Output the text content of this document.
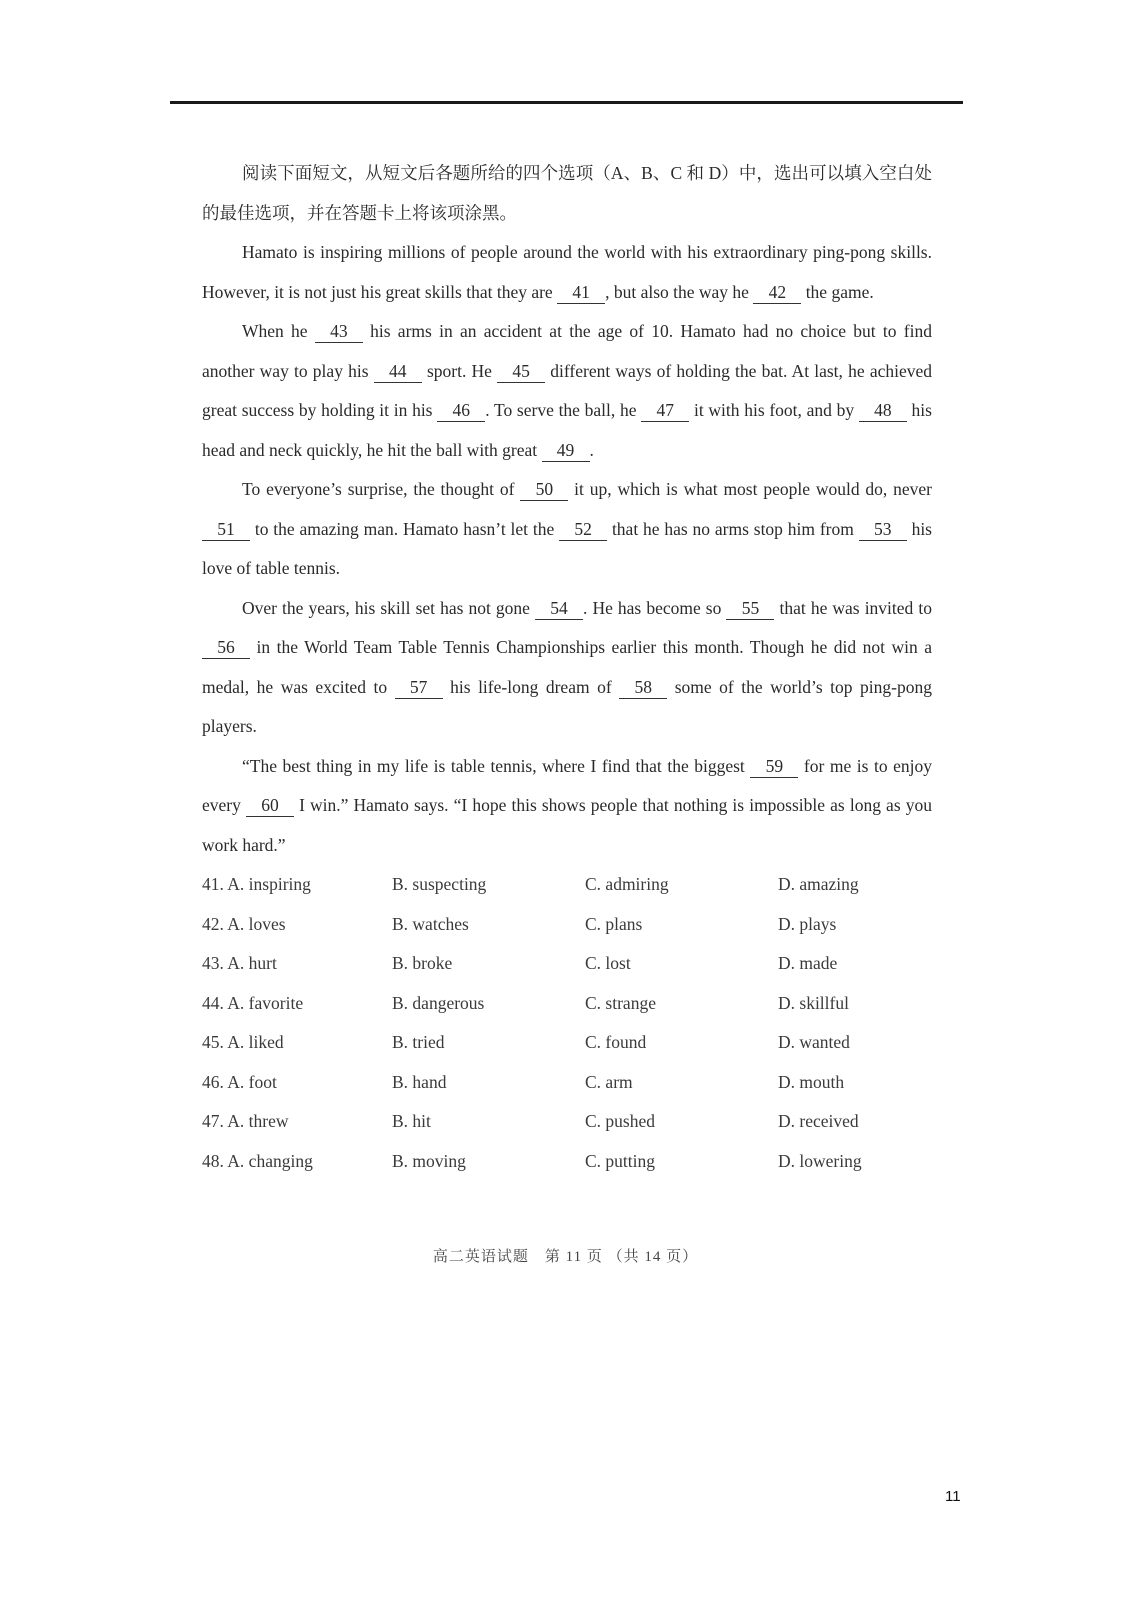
阅读下面短文，从短文后各题所给的四个选项（A、B、C 和 D）中，选出可以填入空白处的最佳选项，并在答题卡上将该项涂黑。

Hamato is inspiring millions of people around the world with his extraordinary ping-pong skills. However, it is not just his great skills that they are 41 , but also the way he 42 the game.

When he 43 his arms in an accident at the age of 10. Hamato had no choice but to find another way to play his 44 sport. He 45 different ways of holding the bat. At last, he achieved great success by holding it in his 46 . To serve the ball, he 47 it with his foot, and by 48 his head and neck quickly, he hit the ball with great 49 .

To everyone’s surprise, the thought of 50 it up, which is what most people would do, never 51 to the amazing man. Hamato hasn’t let the 52 that he has no arms stop him from 53 his love of table tennis.

Over the years, his skill set has not gone 54 . He has become so 55 that he was invited to 56 in the World Team Table Tennis Championships earlier this month. Though he did not win a medal, he was excited to 57 his life-long dream of 58 some of the world’s top ping-pong players.

“The best thing in my life is table tennis, where I find that the biggest 59 for me is to enjoy every 60 I win.” Hamato says. “I hope this shows people that nothing is impossible as long as you work hard.”

41. A. inspiring	B. suspecting	C. admiring	D. amazing
42. A. loves	B. watches	C. plans	D. plays
43. A. hurt	B. broke	C. lost	D. made
44. A. favorite	B. dangerous	C. strange	D. skillful
45. A. liked	B. tried	C. found	D. wanted
46. A. foot	B. hand	C. arm	D. mouth
47. A. threw	B. hit	C. pushed	D. received
48. A. changing	B. moving	C. putting	D. lowering
高二英语试题　第 11 页 （共 14 页）
11
